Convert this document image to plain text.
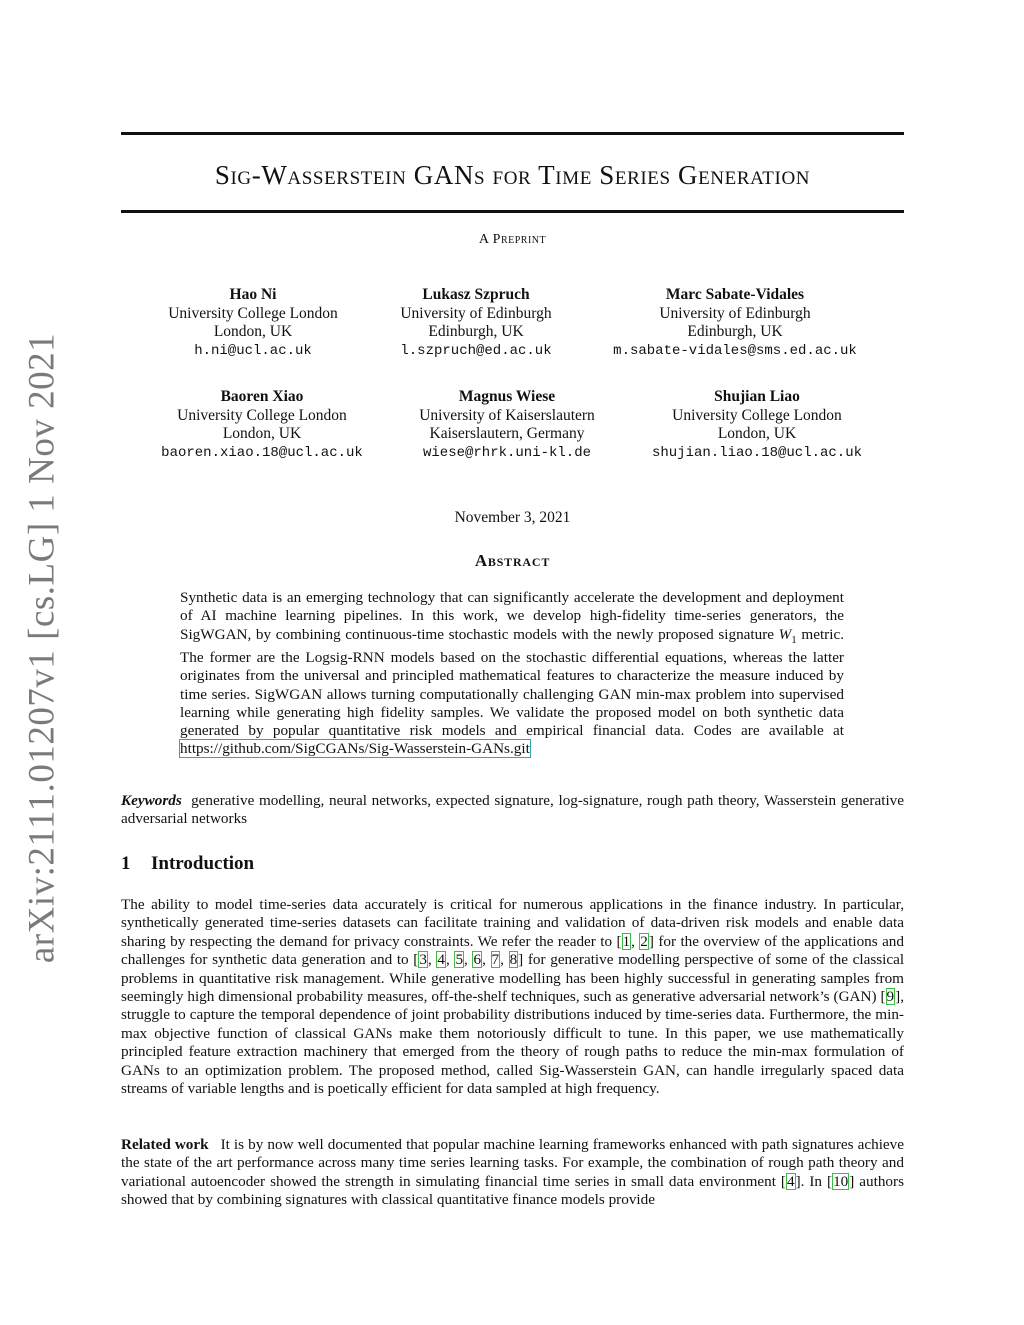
arXiv:2111.01207v1 [cs.LG] 1 Nov 2021
Sig-Wasserstein GANs for Time Series Generation
A Preprint
Hao Ni
University College London
London, UK
h.ni@ucl.ac.uk
Lukasz Szpruch
University of Edinburgh
Edinburgh, UK
l.szpruch@ed.ac.uk
Marc Sabate-Vidales
University of Edinburgh
Edinburgh, UK
m.sabate-vidales@sms.ed.ac.uk
Baoren Xiao
University College London
London, UK
baoren.xiao.18@ucl.ac.uk
Magnus Wiese
University of Kaiserslautern
Kaiserslautern, Germany
wiese@rhrk.uni-kl.de
Shujian Liao
University College London
London, UK
shujian.liao.18@ucl.ac.uk
November 3, 2021
Abstract

Synthetic data is an emerging technology that can significantly accelerate the development and deployment of AI machine learning pipelines. In this work, we develop high-fidelity time-series generators, the SigWGAN, by combining continuous-time stochastic models with the newly proposed signature $W_1$ metric. The former are the Logsig-RNN models based on the stochastic differential equations, whereas the latter originates from the universal and principled mathematical features to characterize the measure induced by time series. SigWGAN allows turning computationally challenging GAN min-max problem into supervised learning while generating high fidelity samples. We validate the proposed model on both synthetic data generated by popular quantitative risk models and empirical financial data. Codes are available at https://github.com/SigCGANs/Sig-Wasserstein-GANs.git

Keywords generative modelling, neural networks, expected signature, log-signature, rough path theory, Wasserstein generative adversarial networks

1 Introduction

The ability to model time-series data accurately is critical for numerous applications in the finance industry. In particular, synthetically generated time-series datasets can facilitate training and validation of data-driven risk models and enable data sharing by respecting the demand for privacy constraints. We refer the reader to [1, 2] for the overview of the applications and challenges for synthetic data generation and to [3, 4, 5, 6, 7, 8] for generative modelling perspective of some of the classical problems in quantitative risk management. While generative modelling has been highly successful in generating samples from seemingly high dimensional probability measures, off-the-shelf techniques, such as generative adversarial network’s (GAN) [9], struggle to capture the temporal dependence of joint probability distributions induced by time-series data. Furthermore, the min-max objective function of classical GANs make them notoriously difficult to tune. In this paper, we use mathematically principled feature extraction machinery that emerged from the theory of rough paths to reduce the min-max formulation of GANs to an optimization problem. The proposed method, called Sig-Wasserstein GAN, can handle irregularly spaced data streams of variable lengths and is poetically efficient for data sampled at high frequency.

Related work It is by now well documented that popular machine learning frameworks enhanced with path signatures achieve the state of the art performance across many time series learning tasks. For example, the combination of rough path theory and variational autoencoder showed the strength in simulating financial time series in small data environment [4]. In [10] authors showed that by combining signatures with classical quantitative finance models provide
